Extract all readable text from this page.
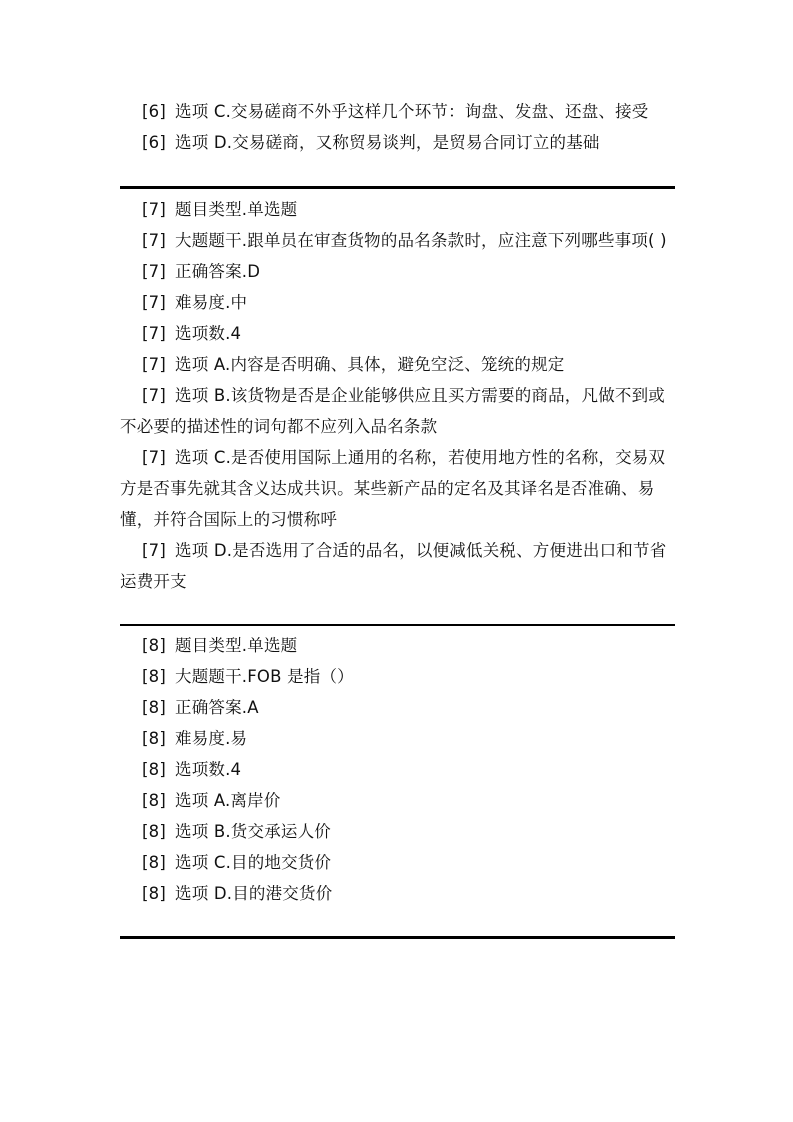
[6] 选项 C.交易磋商不外乎这样几个环节：询盘、发盘、还盘、接受
[6] 选项 D.交易磋商，又称贸易谈判，是贸易合同订立的基础
[7] 题目类型.单选题
[7] 大题题干.跟单员在审查货物的品名条款时，应注意下列哪些事项( )
[7] 正确答案.D
[7] 难易度.中
[7] 选项数.4
[7] 选项 A.内容是否明确、具体，避免空泛、笼统的规定
[7] 选项 B.该货物是否是企业能够供应且买方需要的商品，凡做不到或不必要的描述性的词句都不应列入品名条款
[7] 选项 C.是否使用国际上通用的名称，若使用地方性的名称，交易双方是否事先就其含义达成共识。某些新产品的定名及其译名是否准确、易懂，并符合国际上的习惯称呼
[7] 选项 D.是否选用了合适的品名，以便减低关税、方便进出口和节省运费开支
[8] 题目类型.单选题
[8] 大题题干.FOB 是指（）
[8] 正确答案.A
[8] 难易度.易
[8] 选项数.4
[8] 选项 A.离岸价
[8] 选项 B.货交承运人价
[8] 选项 C.目的地交货价
[8] 选项 D.目的港交货价
